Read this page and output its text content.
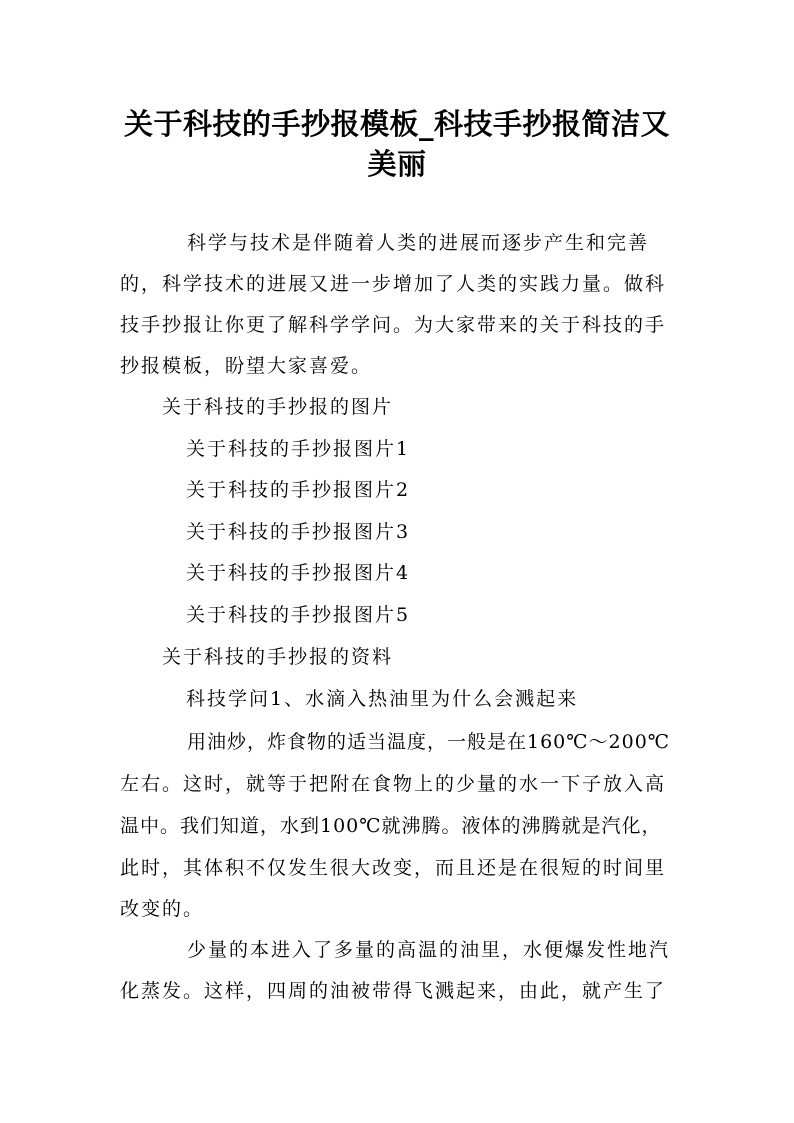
关于科技的手抄报模板_科技手抄报简洁又
美丽
科学与技术是伴随着人类的进展而逐步产生和完善
的，科学技术的进展又进一步增加了人类的实践力量。做科
技手抄报让你更了解科学学问。为大家带来的关于科技的手
抄报模板，盼望大家喜爱。
关于科技的手抄报的图片
关于科技的手抄报图片1
关于科技的手抄报图片2
关于科技的手抄报图片3
关于科技的手抄报图片4
关于科技的手抄报图片5
关于科技的手抄报的资料
科技学问1、水滴入热油里为什么会溅起来
用油炒，炸食物的适当温度，一般是在160℃～200℃
左右。这时，就等于把附在食物上的少量的水一下子放入高
温中。我们知道，水到100℃就沸腾。液体的沸腾就是汽化，
此时，其体积不仅发生很大改变，而且还是在很短的时间里
改变的。
少量的本进入了多量的高温的油里，水便爆发性地汽
化蒸发。这样，四周的油被带得飞溅起来，由此，就产生了
